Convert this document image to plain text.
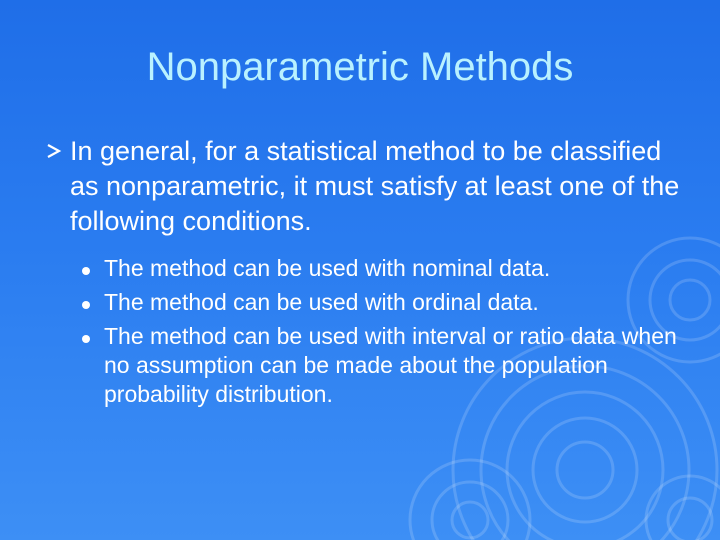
Nonparametric Methods
In general, for a statistical method to be classified as nonparametric, it must satisfy at least one of the following conditions.
The method can be used with nominal data.
The method can be used with ordinal data.
The method can be used with interval or ratio data when no assumption can be made about the population probability distribution.
